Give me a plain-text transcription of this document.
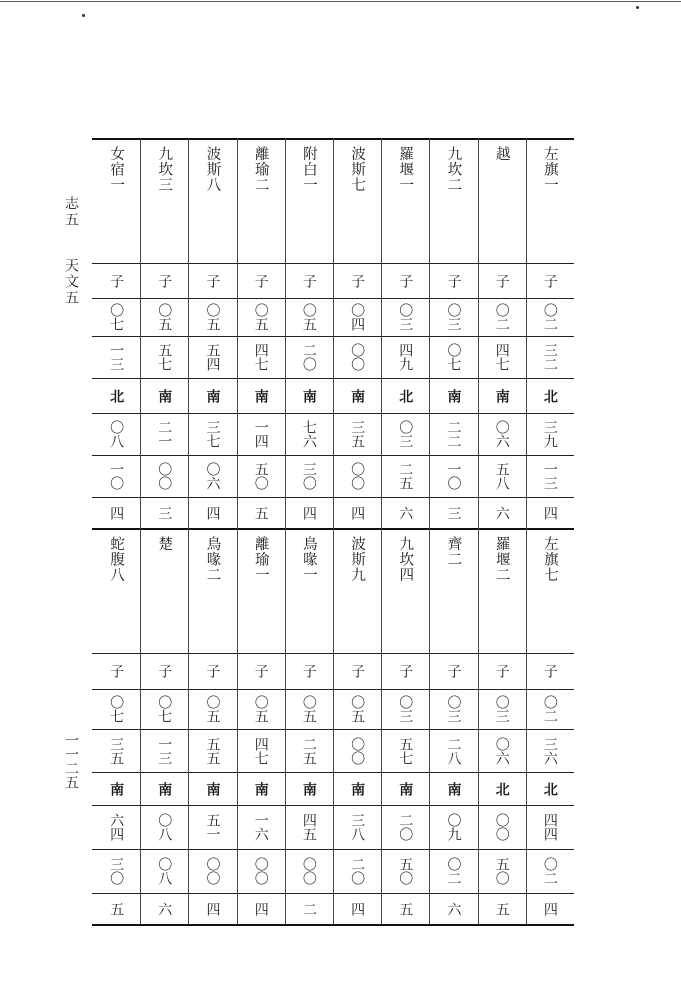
志五
天文五
一一二五
女宿一 九坎三 波斯八 離瑜二 附白一 波斯七 羅堰一 九坎二 越 左旗一
子 子 子 子 子 子 子 子 子 子
〇七 〇五 〇五 〇五 〇五 〇四 〇三 〇三 〇二 〇二
一三 五七 五四 四七 二〇 〇〇 四九 〇七 四七 三二
北 南 南 南 南 南 北 南 南 北
〇八 二一 三七 一四 七六 三五 〇三 二二 〇六 三九
一〇 〇〇 〇六 五〇 三〇 〇〇 二五 一〇 五八 一三
四 三 四 五 四 四 六 三 六 四
蛇腹八 楚 鳥喙二 離瑜一 鳥喙一 波斯九 九坎四 齊二 羅堰二 左旗七
子 子 子 子 子 子 子 子 子 子
〇七 〇七 〇五 〇五 〇五 〇五 〇三 〇三 〇三 〇二
三五 一三 五五 四七 二五 〇〇 五七 二八 〇六 三六
南 南 南 南 南 南 南 南 北 北
六四 〇八 五一 一六 四五 三八 二〇 〇九 〇〇 四四
三〇 〇八 〇〇 〇〇 〇〇 二〇 五〇 〇二 五〇 〇二
五 六 四 四 二 四 五 六 五 四
